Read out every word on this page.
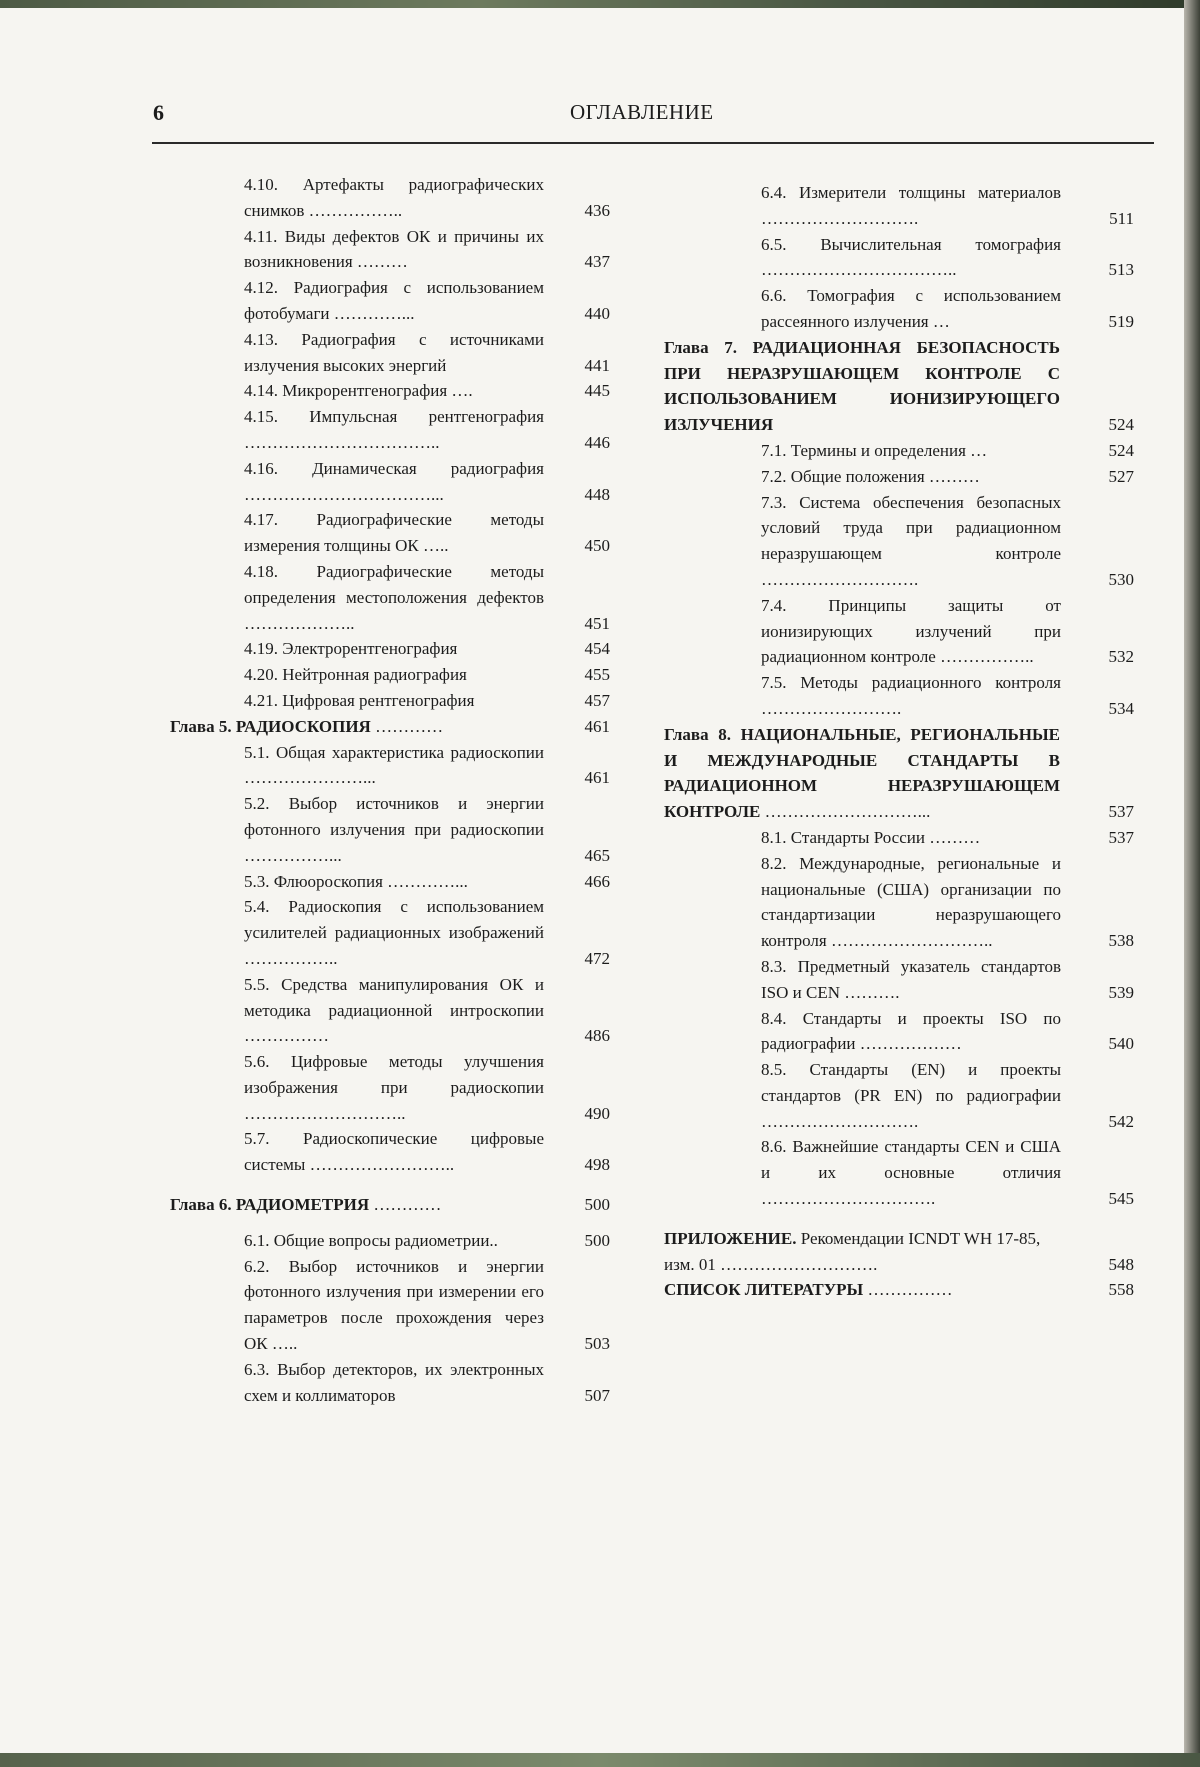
6	ОГЛАВЛЕНИЕ
4.10. Артефакты радиографических снимков ……………..	436
4.11. Виды дефектов ОК и причины их возникновения ………	437
4.12. Радиография с использованием фотобумаги …………...	440
4.13. Радиография с источниками излучения высоких энергий	441
4.14. Микрорентгенография ….	445
4.15. Импульсная рентгенография ……………………………..	446
4.16. Динамическая радиография ……………………………...	448
4.17. Радиографические методы измерения толщины ОК …..	450
4.18. Радиографические методы определения местоположения дефектов ………………..	451
4.19. Электрорентгенография	454
4.20. Нейтронная радиография	455
4.21. Цифровая рентгенография	457
Глава 5. РАДИОСКОПИЯ …………	461
5.1. Общая характеристика радиоскопии …………………...	461
5.2. Выбор источников и энергии фотонного излучения при радиоскопии ……………...	465
5.3. Флюороскопия …………...	466
5.4. Радиоскопия с использованием усилителей радиационных изображений ……………..	472
5.5. Средства манипулирования ОК и методика радиационной интроскопии ……………	486
5.6. Цифровые методы улучшения изображения при радиоскопии ………………………..	490
5.7. Радиоскопические цифровые системы ……………………..	498
Глава 6. РАДИОМЕТРИЯ …………	500
6.1. Общие вопросы радиометрии..	500
6.2. Выбор источников и энергии фотонного излучения при измерении его параметров после прохождения через ОК …..	503
6.3. Выбор детекторов, их электронных схем и коллиматоров	507
6.4. Измерители толщины материалов ……………………….	511
6.5. Вычислительная томография ……………………………..	513
6.6. Томография с использованием рассеянного излучения …	519
Глава 7. РАДИАЦИОННАЯ БЕЗОПАСНОСТЬ ПРИ НЕРАЗРУШАЮЩЕМ КОНТРОЛЕ С ИСПОЛЬЗОВАНИЕМ ИОНИЗИРУЮЩЕГО ИЗЛУЧЕНИЯ	524
7.1. Термины и определения …	524
7.2. Общие положения ………	527
7.3. Система обеспечения безопасных условий труда при радиационном неразрушающем контроле ……………………….	530
7.4. Принципы защиты от ионизирующих излучений при радиационном контроле ……………..	532
7.5. Методы радиационного контроля …………………….	534
Глава 8. НАЦИОНАЛЬНЫЕ, РЕГИОНАЛЬНЫЕ И МЕЖДУНАРОДНЫЕ СТАНДАРТЫ В РАДИАЦИОННОМ НЕРАЗРУШАЮЩЕМ КОНТРОЛЕ ………………………...	537
8.1. Стандарты России ………	537
8.2. Международные, региональные и национальные (США) организации по стандартизации неразрушающего контроля ………………………..	538
8.3. Предметный указатель стандартов ISO и CEN ……….	539
8.4. Стандарты и проекты ISO по радиографии ………………	540
8.5. Стандарты (EN) и проекты стандартов (PR EN) по радиографии ……………………….	542
8.6. Важнейшие стандарты CEN и США и их основные отличия ………………………….	545
ПРИЛОЖЕНИЕ. Рекомендации ICNDT WH 17-85, изм. 01 ……………………….	548
СПИСОК ЛИТЕРАТУРЫ ……………	558
